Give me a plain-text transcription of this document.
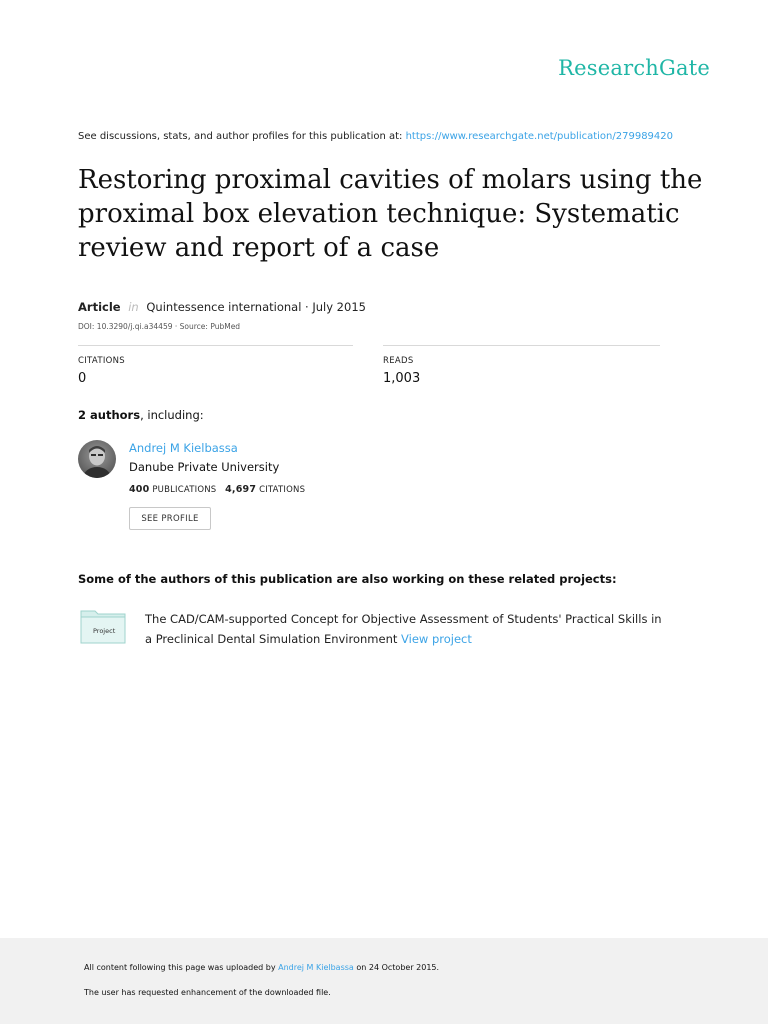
ResearchGate
See discussions, stats, and author profiles for this publication at: https://www.researchgate.net/publication/279989420
Restoring proximal cavities of molars using the proximal box elevation technique: Systematic review and report of a case
Article in Quintessence international · July 2015
DOI: 10.3290/j.qi.a34459 · Source: PubMed
CITATIONS
0
READS
1,003
2 authors, including:
Andrej M Kielbassa
Danube Private University
400 PUBLICATIONS 4,697 CITATIONS
SEE PROFILE
Some of the authors of this publication are also working on these related projects:
Project
The CAD/CAM-supported Concept for Objective Assessment of Students' Practical Skills in a Preclinical Dental Simulation Environment View project
All content following this page was uploaded by Andrej M Kielbassa on 24 October 2015.
The user has requested enhancement of the downloaded file.
